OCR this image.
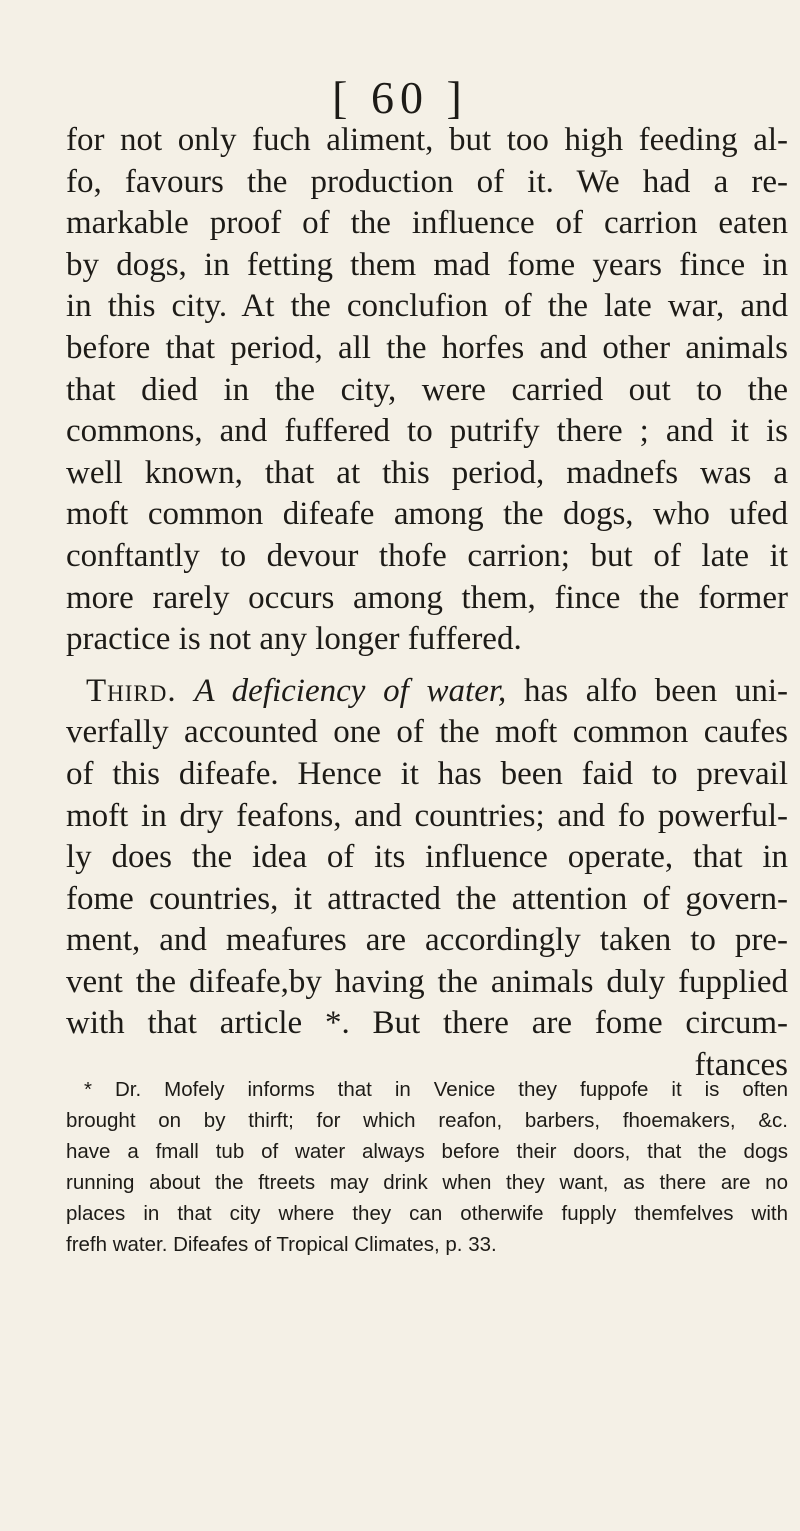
[ 60 ]
for not only fuch aliment, but too high feeding al-
fo, favours the production of it. We had a re-
markable proof of the influence of carrion eaten
by dogs, in fetting them mad fome years fince in
in this city. At the conclufion of the late war, and
before that period, all the horfes and other animals
that died in the city, were carried out to the
commons, and fuffered to putrify there ; and it is
well known, that at this period, madnefs was a
moft common difeafe among the dogs, who ufed
conftantly to devour thofe carrion; but of late it
more rarely occurs among them, fince the former
practice is not any longer fuffered.
Third. A deficiency of water, has alfo been uni-
verfally accounted one of the moft common caufes
of this difeafe. Hence it has been faid to prevail
moft in dry feafons, and countries; and fo powerful-
ly does the idea of its influence operate, that in
fome countries, it attracted the attention of govern-
ment, and meafures are accordingly taken to pre-
vent the difeafe,by having the animals duly fupplied
with that article *. But there are fome circum-
ftances
* Dr. Mofely informs that in Venice they fuppofe it is often
brought on by thirft; for which reafon, barbers, fhoemakers, &c.
have a fmall tub of water always before their doors, that the dogs
running about the ftreets may drink when they want, as there are no
places in that city where they can otherwife fupply themfelves with
frefh water. Difeafes of Tropical Climates, p. 33.
